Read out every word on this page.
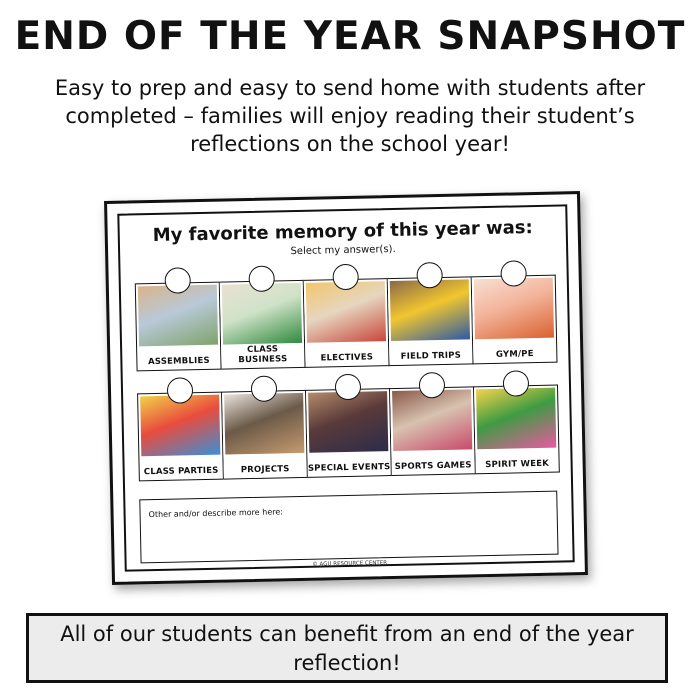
END OF THE YEAR SNAPSHOT
Easy to prep and easy to send home with students after completed – families will enjoy reading their student’s reflections on the school year!
My favorite memory of this year was:
Select my answer(s).
ASSEMBLIES
CLASS BUSINESS	ELECTIVES	FIELD TRIPS	GYM/PE
CLASS PARTIES	PROJECTS	SPECIAL EVENTS SPORTS GAMES	SPIRIT WEEK
Other and/or describe more here:
© AGU RESOURCE CENTER
All of our students can benefit from an end of the year reflection!
